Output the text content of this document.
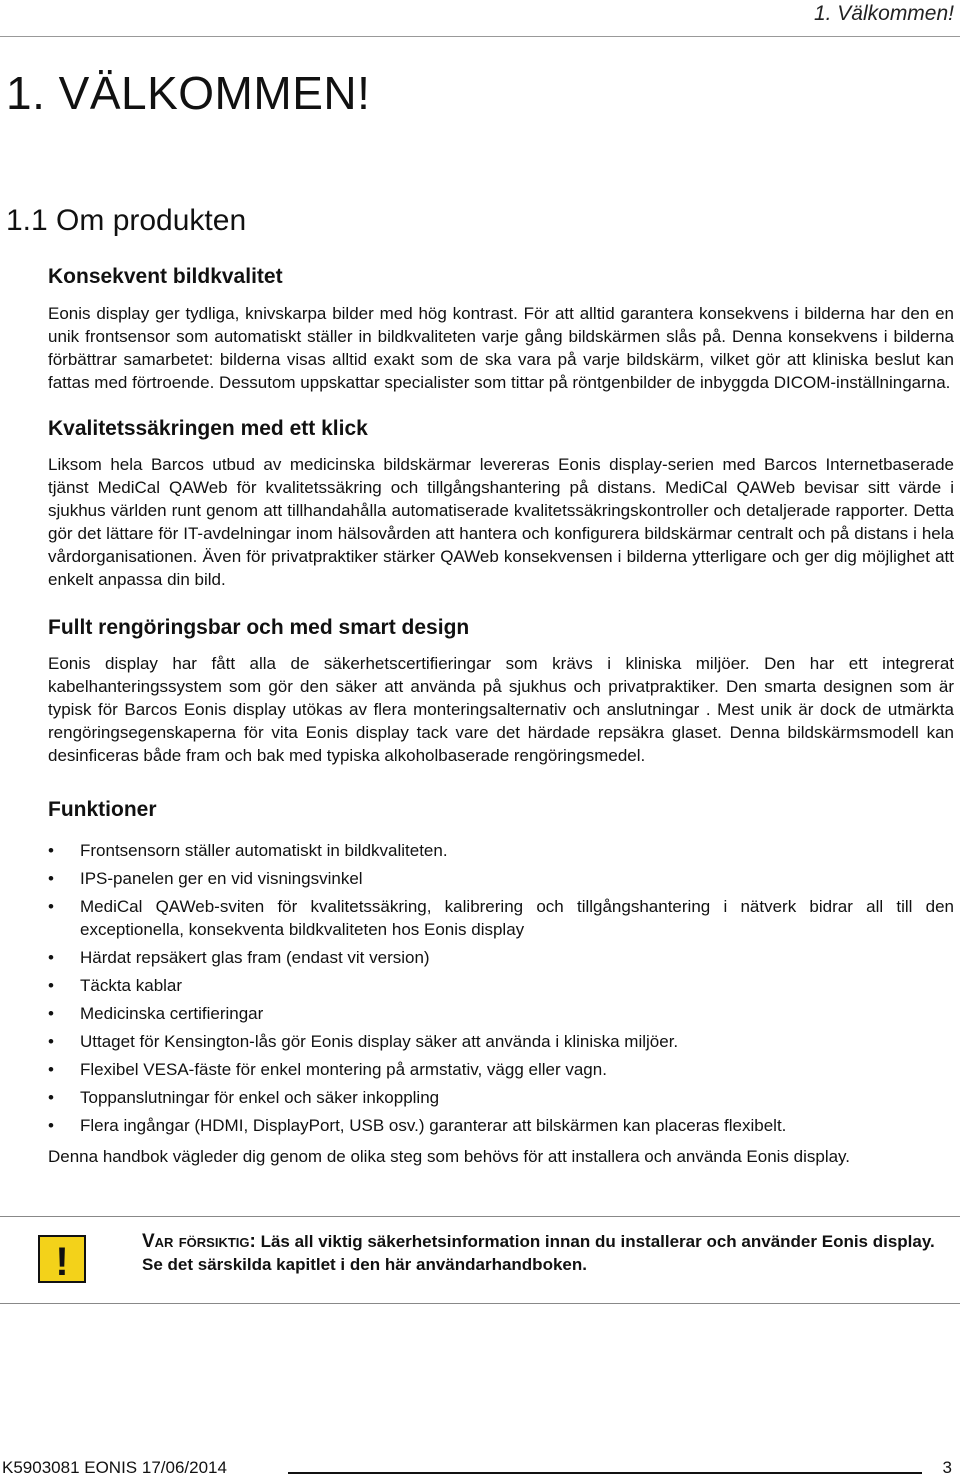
1. Välkommen!
1. VÄLKOMMEN!
1.1 Om produkten
Konsekvent bildkvalitet

Eonis display ger tydliga, knivskarpa bilder med hög kontrast. För att alltid garantera konsekvens i bilderna har den en unik frontsensor som automatiskt ställer in bildkvaliteten varje gång bildskärmen slås på. Denna konsekvens i bilderna förbättrar samarbetet: bilderna visas alltid exakt som de ska vara på varje bildskärm, vilket gör att kliniska beslut kan fattas med förtroende. Dessutom uppskattar specialister som tittar på röntgenbilder de inbyggda DICOM-inställningarna.

Kvalitetssäkringen med ett klick

Liksom hela Barcos utbud av medicinska bildskärmar levereras Eonis display-serien med Barcos Internetbaserade tjänst MediCal QAWeb för kvalitetssäkring och tillgångshantering på distans. MediCal QAWeb bevisar sitt värde i sjukhus världen runt genom att tillhandahålla automatiserade kvalitetssäkringskontroller och detaljerade rapporter. Detta gör det lättare för IT-avdelningar inom hälsovården att hantera och konfigurera bildskärmar centralt och på distans i hela vårdorganisationen. Även för privatpraktiker stärker QAWeb konsekvensen i bilderna ytterligare och ger dig möjlighet att enkelt anpassa din bild.

Fullt rengöringsbar och med smart design

Eonis display har fått alla de säkerhetscertifieringar som krävs i kliniska miljöer. Den har ett integrerat kabelhanteringssystem som gör den säker att använda på sjukhus och privatpraktiker. Den smarta designen som är typisk för Barcos Eonis display utökas av flera monteringsalternativ och anslutningar . Mest unik är dock de utmärkta rengöringsegenskaperna för vita Eonis display tack vare det härdade repsäkra glaset. Denna bildskärmsmodell kan desinficeras både fram och bak med typiska alkoholbaserade rengöringsmedel.

Funktioner
• Frontsensorn ställer automatiskt in bildkvaliteten.
• IPS-panelen ger en vid visningsvinkel
• MediCal QAWeb-sviten för kvalitetssäkring, kalibrering och tillgångshantering i nätverk bidrar all till den exceptionella, konsekventa bildkvaliteten hos Eonis display
• Härdat repsäkert glas fram (endast vit version)
• Täckta kablar
• Medicinska certifieringar
• Uttaget för Kensington-lås gör Eonis display säker att använda i kliniska miljöer.
• Flexibel VESA-fäste för enkel montering på armstativ, vägg eller vagn.
• Toppanslutningar för enkel och säker inkoppling
• Flera ingångar (HDMI, DisplayPort, USB osv.) garanterar att bilskärmen kan placeras flexibelt.

Denna handbok vägleder dig genom de olika steg som behövs för att installera och använda Eonis display.

!	Var försiktig: Läs all viktig säkerhetsinformation innan du installerar och använder Eonis display. Se det särskilda kapitlet i den här användarhandboken.
K5903081 EONIS 17/06/2014	3
